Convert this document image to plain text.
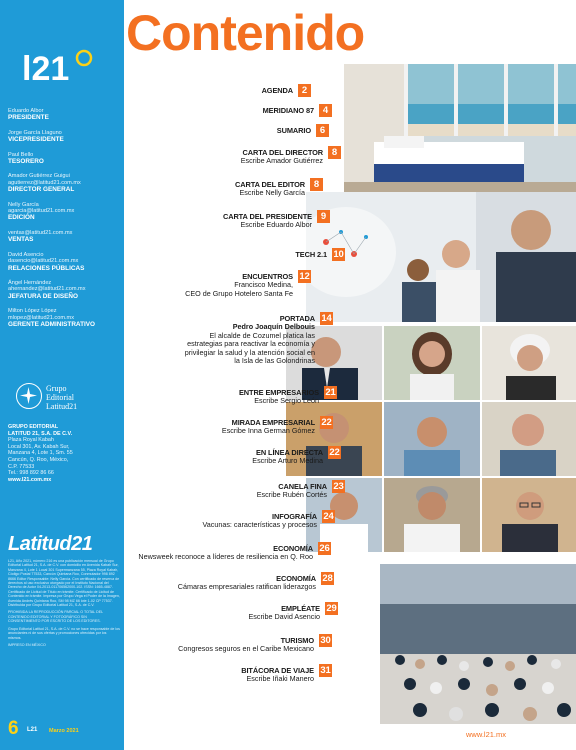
l21
Eduardo Albor
PRESIDENTE
Jorge García Llaguno
VICEPRESIDENTE
Paul Bello
TESORERO
Amador Gutiérrez Guigui
agutierrez@latitud21.com.mx
DIRECTOR GENERAL
Nelly García
agarcia@latitud21.com.mx
EDICIÓN
ventas@latitud21.com.mx
VENTAS
David Asencio
dasencio@latitud21.com.mx
RELACIONES PÚBLICAS
Ángel Hernández
ahernandez@latitud21.com.mx
JEFATURA DE DISEÑO
Milton López López
mlopez@latitud21.com.mx
GERENTE ADMINISTRATIVO
Grupo
Editorial
Latitud21
GRUPO EDITORIAL
LATITUD 21, S.A. DE C.V.
Plaza Royal Kabah
Local 301, Av. Kabah Sur,
Manzana 4, Lote 1, Sm. 55
Cancún, Q. Roo, México,
C.P. 77533
Tel.: 998 892 86 66
www.l21.com.mx
Latitud21

L21, Año 2021, número 216 es una publicación mensual de Grupo Editorial Latitud 21, S.A. de C.V. con domicilio en Avenida Kabah Sur, Manzana 4, Lote 1 Local 301 Supermanzana 55, Plaza Royal Kabah, Código Postal 77533, Cancún Quintana Roo, Conmutador 998 892 8666 Editor Responsable: Nelly García. Con certificado de reserva de derechos al uso exclusivo otorgado por el Instituto Nacional del Derecho de Autor 04-2013-011706562000-102. ISSN: 1665-4887. Certificado de Licitud de Título en trámite. Certificado de Licitud de Contenido en trámite. Impresa por Grupo Vega el Poder de la Imagen, Avenida Andrés Quintana Roo, SM 98 MZ 66 lote 1-02 CP 77537. Distribuida por Grupo Editorial Latitud 21, S.A. de C.V.

PROHIBIDA LA REPRODUCCIÓN PARCIAL O TOTAL DEL CONTENIDO EDITORIAL Y FOTOGRÁFICO SIN CONSENTIMIENTO POR ESCRITO DE LOS EDITORES.

Grupo Editorial Latitud 21, S.A. de C.V. no se hace responsable de los anunciantes ni de sus ofertas y promociones ofrecidas por los mismos.

IMPRESO EN MÉXICO

6 L21 Marzo 2021
Contenido
AGENDA 2
MERIDIANO 87 4
SUMARIO 6
CARTA DEL DIRECTOR 8
Escribe Amador Gutiérrez
CARTA DEL EDITOR 8
Escribe Nelly García
CARTA DEL PRESIDENTE 9
Escribe Eduardo Albor
TECH 2.1 10
ENCUENTROS 12
Francisco Medina,
CEO de Grupo Hotelero Santa Fe
PORTADA 14
Pedro Joaquín Delbouis
El alcalde de Cozumel platica las
estrategias para reactivar la economía y
privilegiar la salud y la atención social en
la Isla de las Golondrinas
ENTRE EMPRESARIOS 21
Escribe Sergio León
MIRADA EMPRESARIAL 22
Escribe Inna German Gómez
EN LÍNEA DIRECTA 22
Escribe Arturo Medina
CANELA FINA 23
Escribe Rubén Cortés
INFOGRAFÍA 24
Vacunas: características y procesos
ECONOMÍA 26
Newsweek reconoce a líderes de resiliencia en Q. Roo
ECONOMÍA 28
Cámaras empresariales ratifican liderazgos
EMPLÉATE 29
Escribe David Asencio
TURISMO 30
Congresos seguros en el Caribe Mexicano
BITÁCORA DE VIAJE 31
Escribe Iñaki Manero
www.l21.mx
